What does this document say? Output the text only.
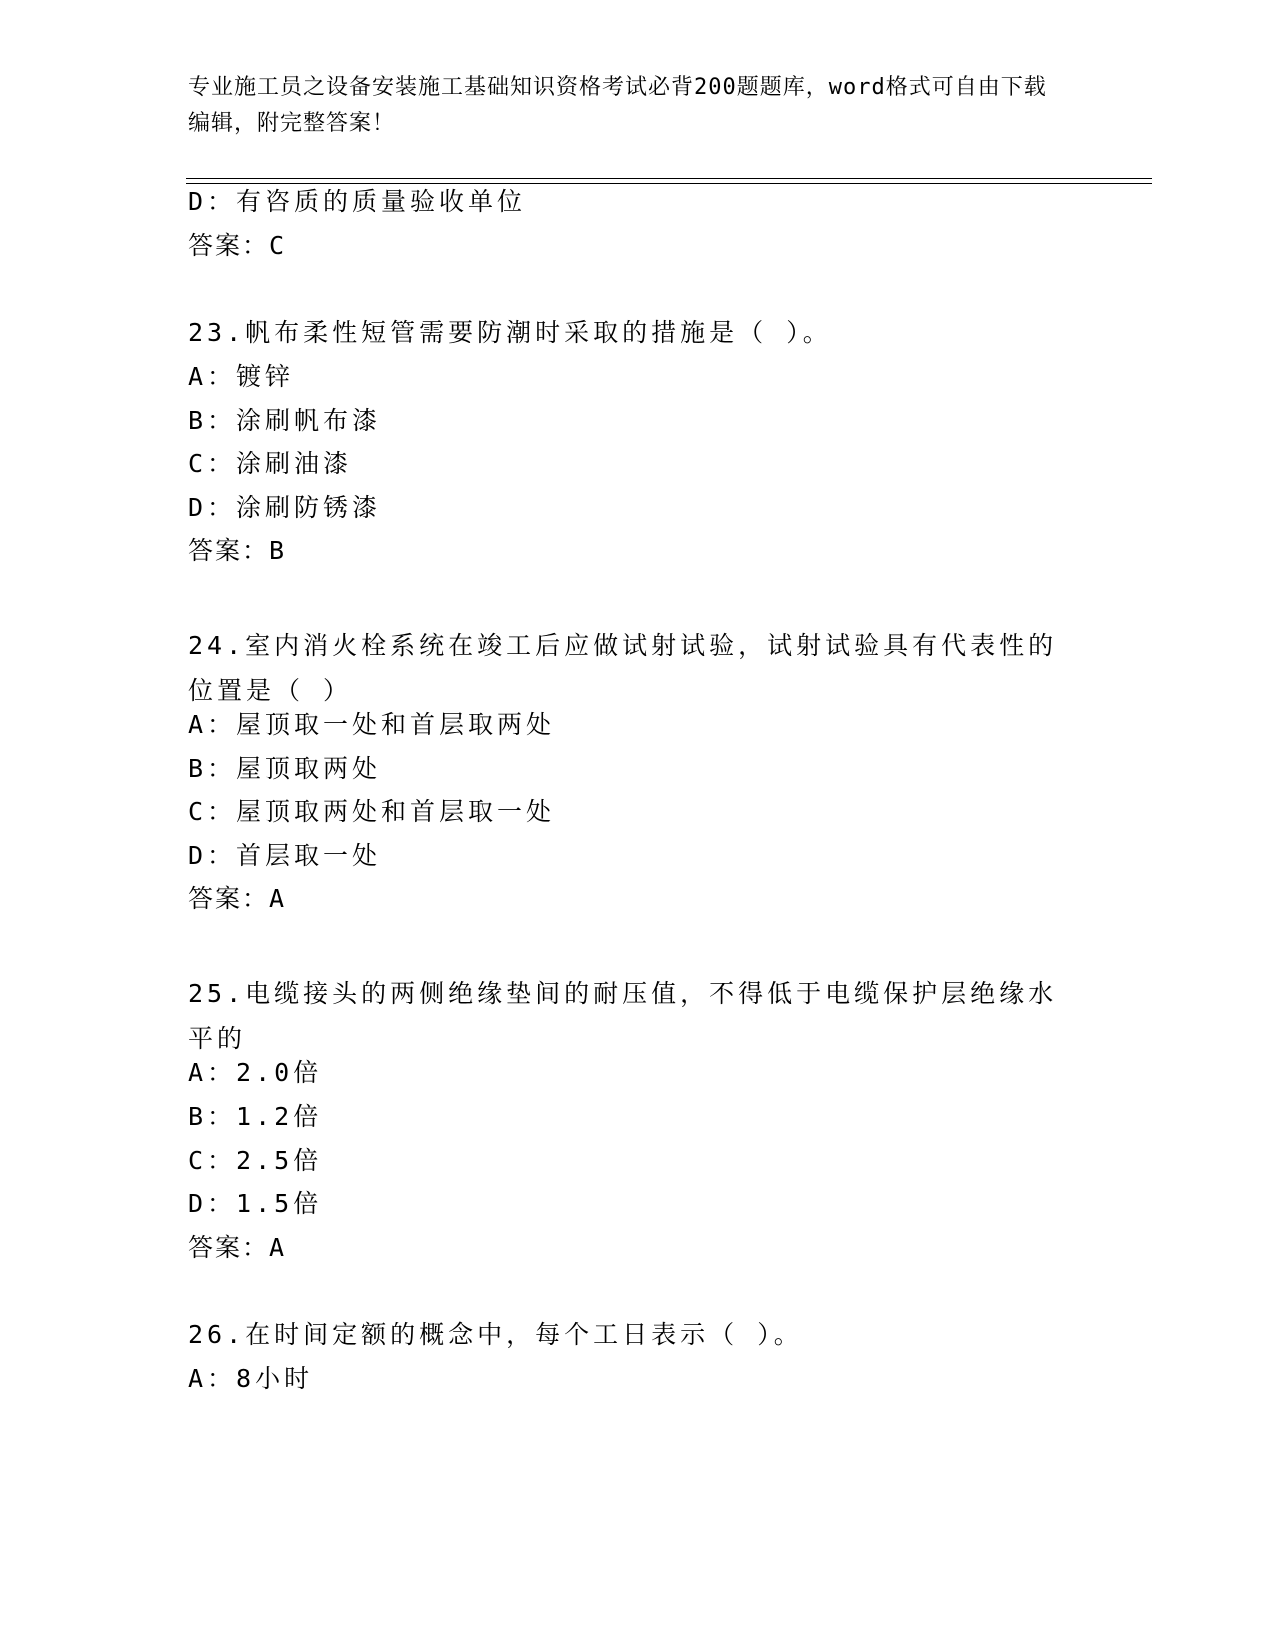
专业施工员之设备安装施工基础知识资格考试必背200题题库，word格式可自由下载编辑，附完整答案！
D：有咨质的质量验收单位
答案：C
23.帆布柔性短管需要防潮时采取的措施是（ ）。
A：镀锌
B：涂刷帆布漆
C：涂刷油漆
D：涂刷防锈漆
答案：B
24.室内消火栓系统在竣工后应做试射试验，试射试验具有代表性的位置是（ ）
A：屋顶取一处和首层取两处
B：屋顶取两处
C：屋顶取两处和首层取一处
D：首层取一处
答案：A
25.电缆接头的两侧绝缘垫间的耐压值，不得低于电缆保护层绝缘水平的
A：2.0倍
B：1.2倍
C：2.5倍
D：1.5倍
答案：A
26.在时间定额的概念中，每个工日表示（ ）。
A：8小时
